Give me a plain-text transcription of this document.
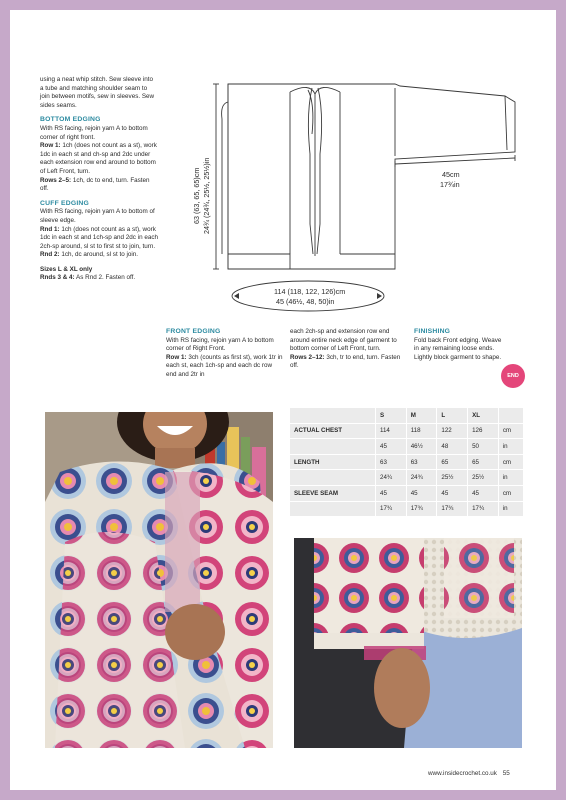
using a neat whip stitch. Sew sleeve into a tube and matching shoulder seam to join between motifs, sew in sleeves. Sew sides seams.

BOTTOM EDGING

With RS facing, rejoin yarn A to bottom corner of right front.

Row 1: 1ch (does not count as a st), work 1dc in each st and ch-sp and 2dc under each extension row end around to bottom of Left Front, turn.

Rows 2–5: 1ch, dc to end, turn. Fasten off.

CUFF EDGING

With RS facing, rejoin yarn A to bottom of sleeve edge.

Rnd 1: 1ch (does not count as a st), work 1dc in each st and 1ch-sp and 2dc in each 2ch-sp around, sl st to first st to join, turn.

Rnd 2: 1ch, dc around, sl st to join.

Sizes L & XL only

Rnds 3 & 4: As Rnd 2. Fasten off.

63 (63, 65, 65)cm 24¾ (24¾, 25½, 25½)in	45cm
17¾in
114 (118, 122, 126)cm
45 (46½, 48, 50)in

FRONT EDGING

With RS facing, rejoin yarn A to bottom corner of Right Front.

Row 1: 3ch (counts as first st), work 1tr in each st, each 1ch-sp and each dc row end and 2tr in

each 2ch-sp and extension row end around entire neck edge of garment to bottom corner of Left Front, turn.

Rows 2–12: 3ch, tr to end, turn. Fasten off.

FINISHING

Fold back Front edging. Weave in any remaining loose ends. Lightly block garment to shape.

END
	S	M	L	XL	
ACTUAL CHEST	114	118	122	126	cm
	45	46½	48	50	in
LENGTH	63	63	65	65	cm
	24¾	24¾	25½	25½	in
SLEEVE SEAM	45	45	45	45	cm
	17¾	17¾	17¾	17¾	in
www.insidecrochet.co.uk 55
PassionForum.ru
